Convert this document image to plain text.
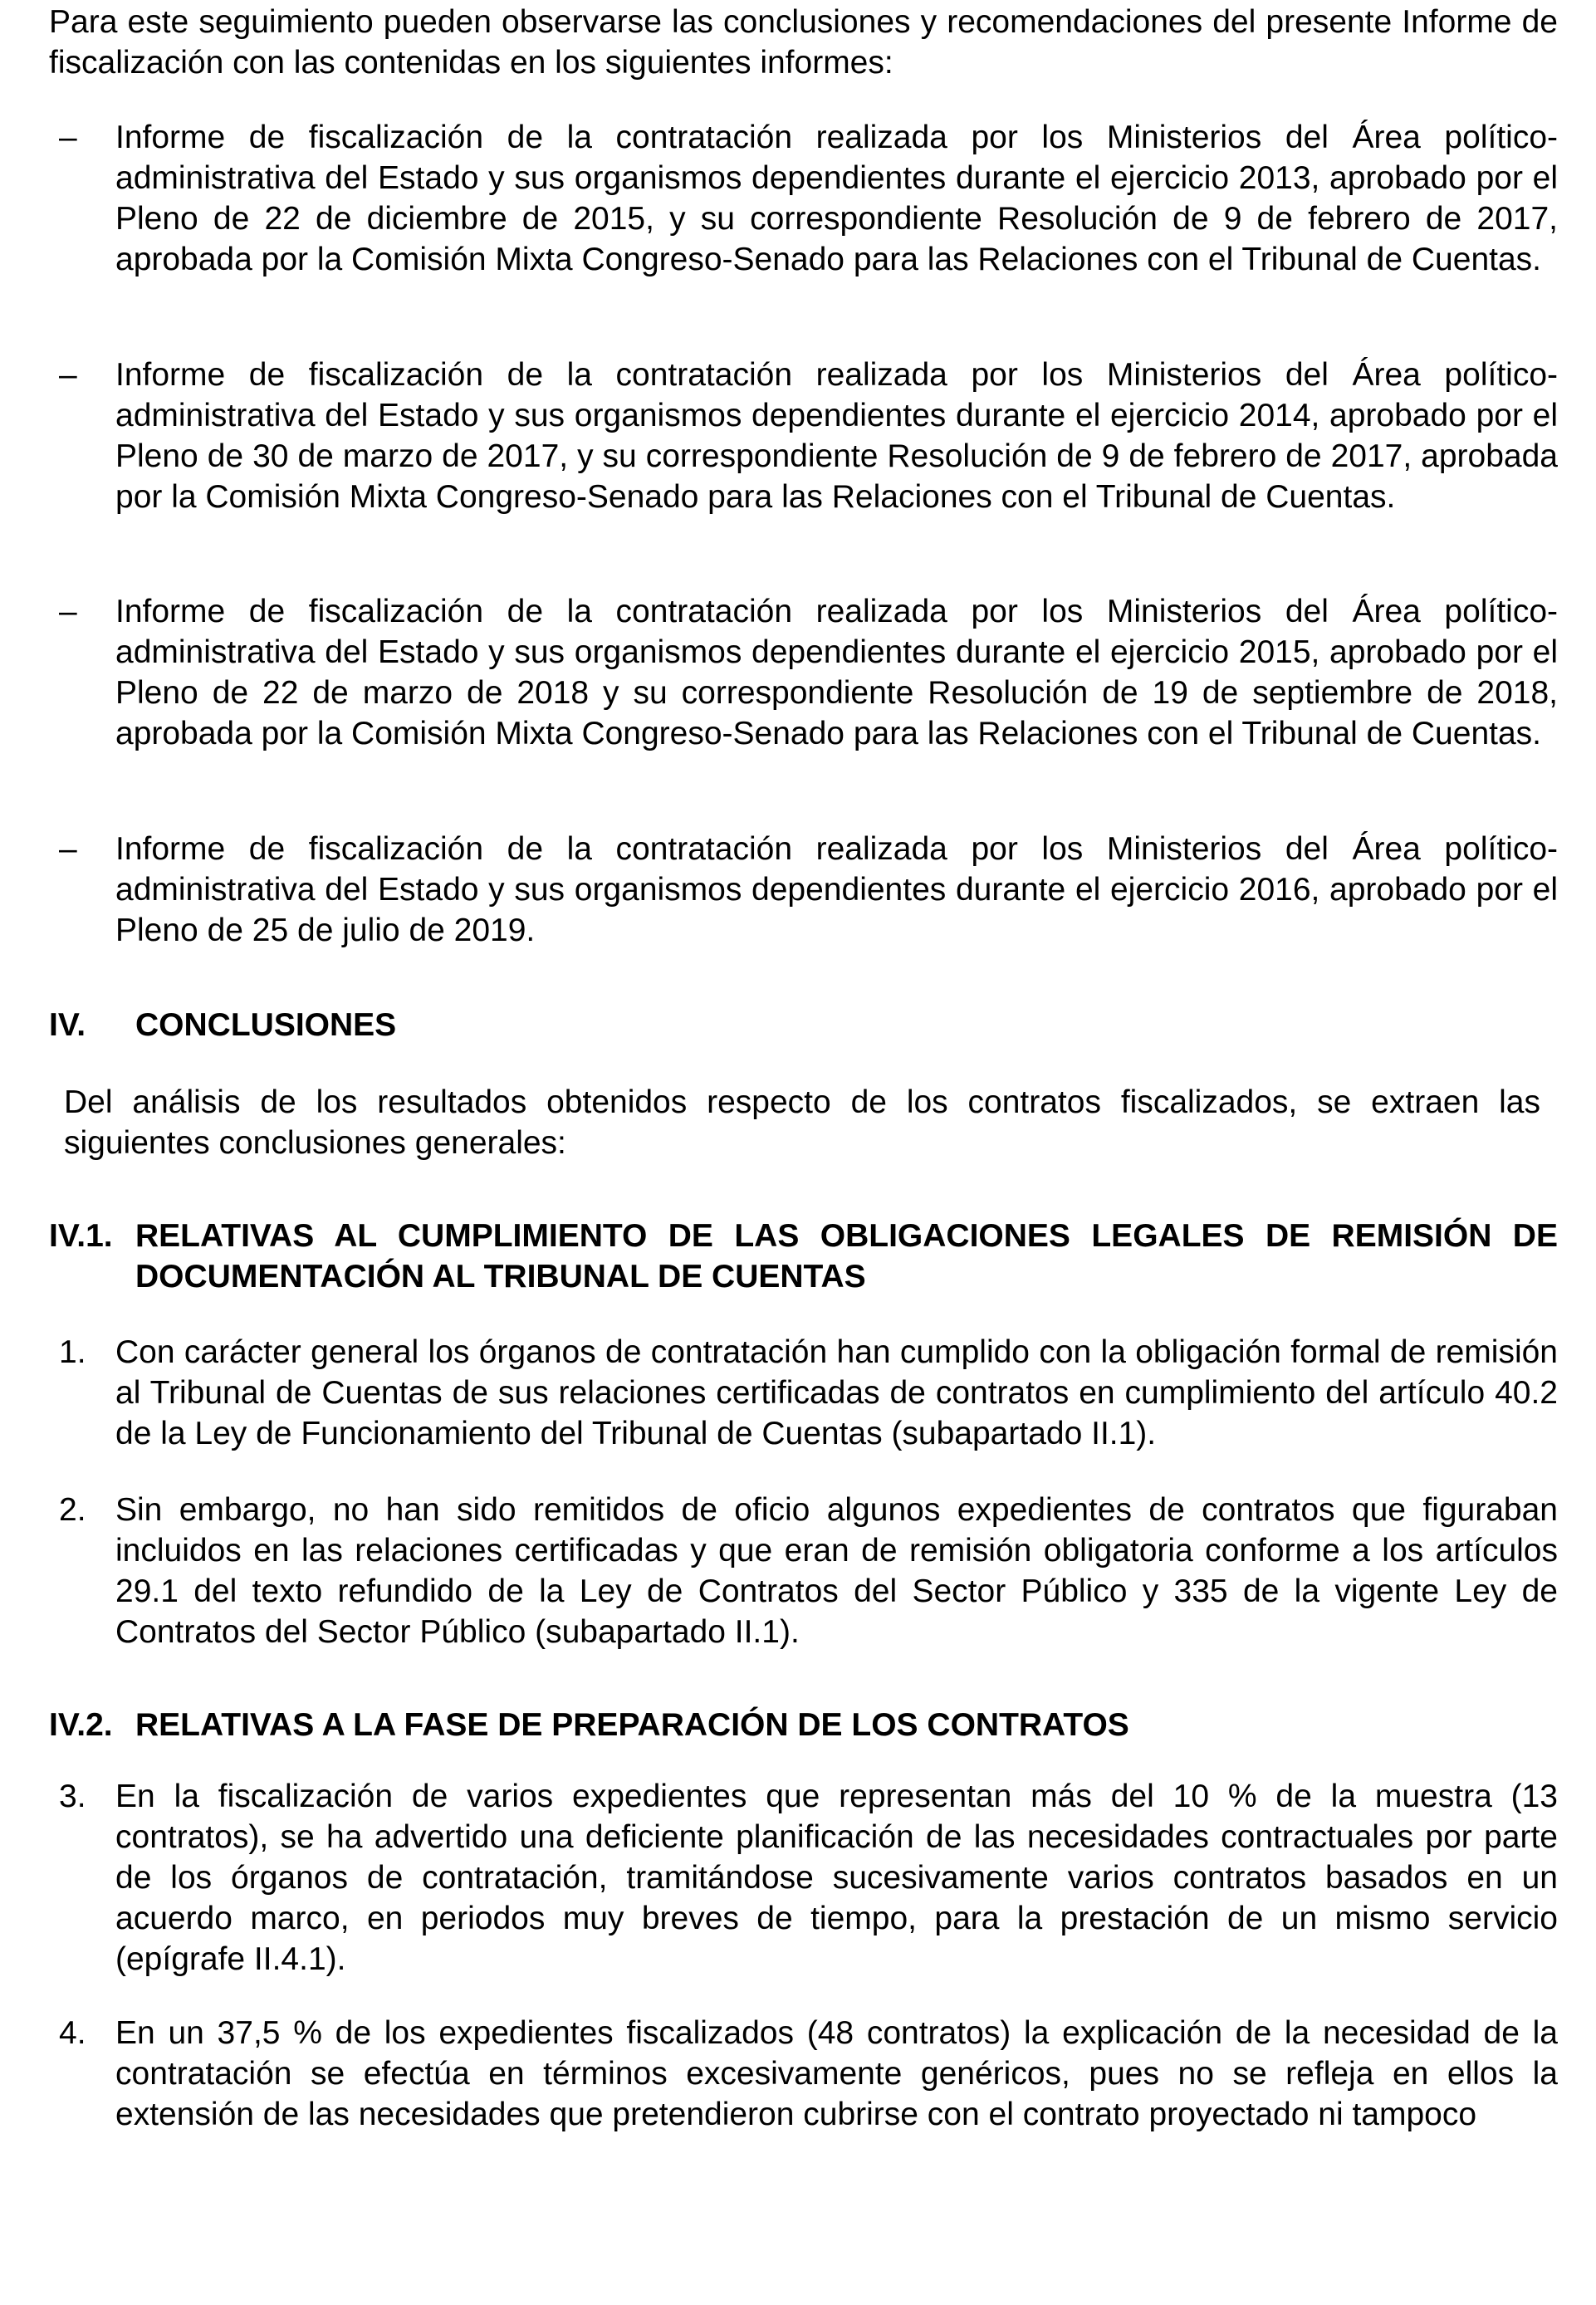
Para este seguimiento pueden observarse las conclusiones y recomendaciones del presente Informe de fiscalización con las contenidas en los siguientes informes:

– Informe de fiscalización de la contratación realizada por los Ministerios del Área político-administrativa del Estado y sus organismos dependientes durante el ejercicio 2013, aprobado por el Pleno de 22 de diciembre de 2015, y su correspondiente Resolución de 9 de febrero de 2017, aprobada por la Comisión Mixta Congreso-Senado para las Relaciones con el Tribunal de Cuentas.

– Informe de fiscalización de la contratación realizada por los Ministerios del Área político-administrativa del Estado y sus organismos dependientes durante el ejercicio 2014, aprobado por el Pleno de 30 de marzo de 2017, y su correspondiente Resolución de 9 de febrero de 2017, aprobada por la Comisión Mixta Congreso-Senado para las Relaciones con el Tribunal de Cuentas.

– Informe de fiscalización de la contratación realizada por los Ministerios del Área político-administrativa del Estado y sus organismos dependientes durante el ejercicio 2015, aprobado por el Pleno de 22 de marzo de 2018 y su correspondiente Resolución de 19 de septiembre de 2018, aprobada por la Comisión Mixta Congreso-Senado para las Relaciones con el Tribunal de Cuentas.

– Informe de fiscalización de la contratación realizada por los Ministerios del Área político-administrativa del Estado y sus organismos dependientes durante el ejercicio 2016, aprobado por el Pleno de 25 de julio de 2019.

IV. CONCLUSIONES

Del análisis de los resultados obtenidos respecto de los contratos fiscalizados, se extraen las siguientes conclusiones generales:

IV.1. RELATIVAS AL CUMPLIMIENTO DE LAS OBLIGACIONES LEGALES DE REMISIÓN DE DOCUMENTACIÓN AL TRIBUNAL DE CUENTAS
1. Con carácter general los órganos de contratación han cumplido con la obligación formal de remisión al Tribunal de Cuentas de sus relaciones certificadas de contratos en cumplimiento del artículo 40.2 de la Ley de Funcionamiento del Tribunal de Cuentas (subapartado II.1).

2. Sin embargo, no han sido remitidos de oficio algunos expedientes de contratos que figuraban incluidos en las relaciones certificadas y que eran de remisión obligatoria conforme a los artículos 29.1 del texto refundido de la Ley de Contratos del Sector Público y 335 de la vigente Ley de Contratos del Sector Público (subapartado II.1).

IV.2. RELATIVAS A LA FASE DE PREPARACIÓN DE LOS CONTRATOS
3. En la fiscalización de varios expedientes que representan más del 10 % de la muestra (13 contratos), se ha advertido una deficiente planificación de las necesidades contractuales por parte de los órganos de contratación, tramitándose sucesivamente varios contratos basados en un acuerdo marco, en periodos muy breves de tiempo, para la prestación de un mismo servicio (epígrafe II.4.1).

4. En un 37,5 % de los expedientes fiscalizados (48 contratos) la explicación de la necesidad de la contratación se efectúa en términos excesivamente genéricos, pues no se refleja en ellos la extensión de las necesidades que pretendieron cubrirse con el contrato proyectado ni tampoco
